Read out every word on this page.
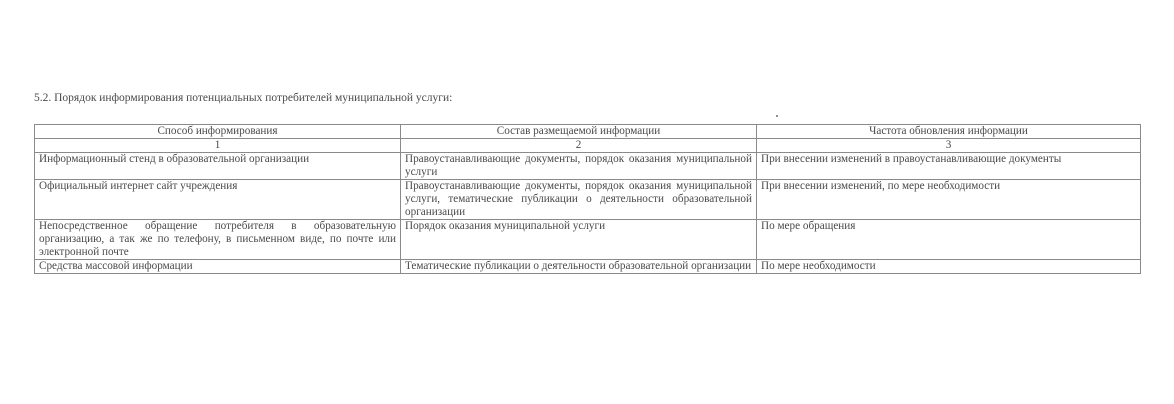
5.2. Порядок информирования потенциальных потребителей муниципальной услуги:
Способ информирования	Состав размещаемой информации	Частота обновления информации
1	2	3
Информационный стенд в образовательной организации	Правоустанавливающие документы, порядок оказания муниципальной услуги	При внесении изменений в правоустанавливающие документы
Официальный интернет сайт учреждения	Правоустанавливающие документы, порядок оказания муниципальной услуги, тематические публикации о деятельности образовательной организации	При внесении изменений, по мере необходимости
Непосредственное обращение потребителя в образовательную организацию, а так же по телефону, в письменном виде, по почте или электронной почте	Порядок оказания муниципальной услуги	По мере обращения
Средства массовой информации	Тематические публикации о деятельности образовательной организации	По мере необходимости
